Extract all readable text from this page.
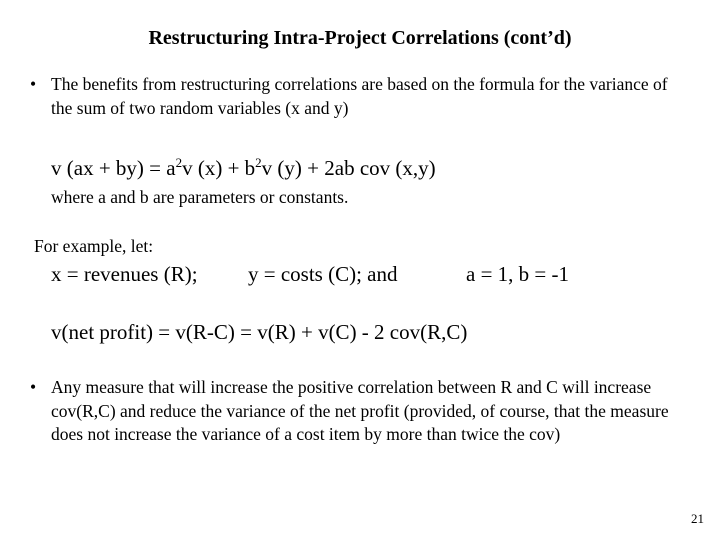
Restructuring Intra-Project Correlations (cont’d)
• The benefits from restructuring correlations are based on the formula for the variance of the sum of two random variables (x and y)
v $(ax + by) = a^2v$ $(x) + b^2v$ (y) + 2ab cov (x,y)
where a and b are parameters or constants.
For example, let:
x = revenues (R); y = costs (C); and	a = 1, b = -1
v(net profit) = v(R-C) = v(R) + v(C) - 2 cov(R,C)
• Any measure that will increase the positive correlation between R and C will increase cov(R,C) and reduce the variance of the net profit (provided, of course, that the measure does not increase the variance of a cost item by more than twice the cov)
21
